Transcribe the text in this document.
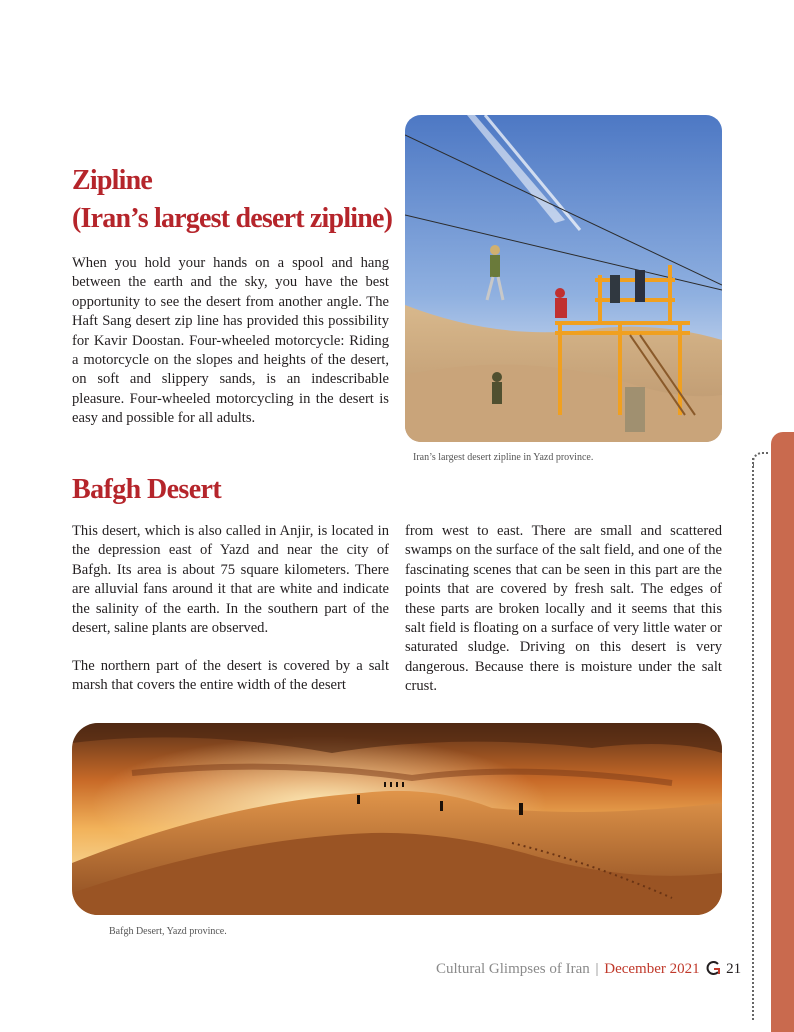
Zipline
(Iran’s largest desert zipline)

When you hold your hands on a spool and hang between the earth and the sky, you have the best opportunity to see the desert from another angle. The Haft Sang desert zip line has provided this possibility for Kavir Doostan. Four-wheeled motorcycle: Riding a motorcycle on the slopes and heights of the desert, on soft and slippery sands, is an indescribable pleasure. Four-wheeled motorcycling in the desert is easy and possible for all adults.

Iran’s largest desert zipline in Yazd province.

Bafgh Desert

This desert, which is also called in Anjir, is located in the depression east of Yazd and near the city of Bafgh. Its area is about 75 square kilometers. There are alluvial fans around it that are white and indicate the salinity of the earth. In the southern part of the desert, saline plants are observed.

The northern part of the desert is covered by a salt marsh that covers the entire width of the desert

from west to east. There are small and scattered swamps on the surface of the salt field, and one of the fascinating scenes that can be seen in this part are the points that are covered by fresh salt. The edges of these parts are broken locally and it seems that this salt field is floating on a surface of very little water or saturated sludge. Driving on this desert is very dangerous. Because there is moisture under the salt crust.

Bafgh Desert, Yazd province.

Cultural Glimpses of Iran | December 2021 21
